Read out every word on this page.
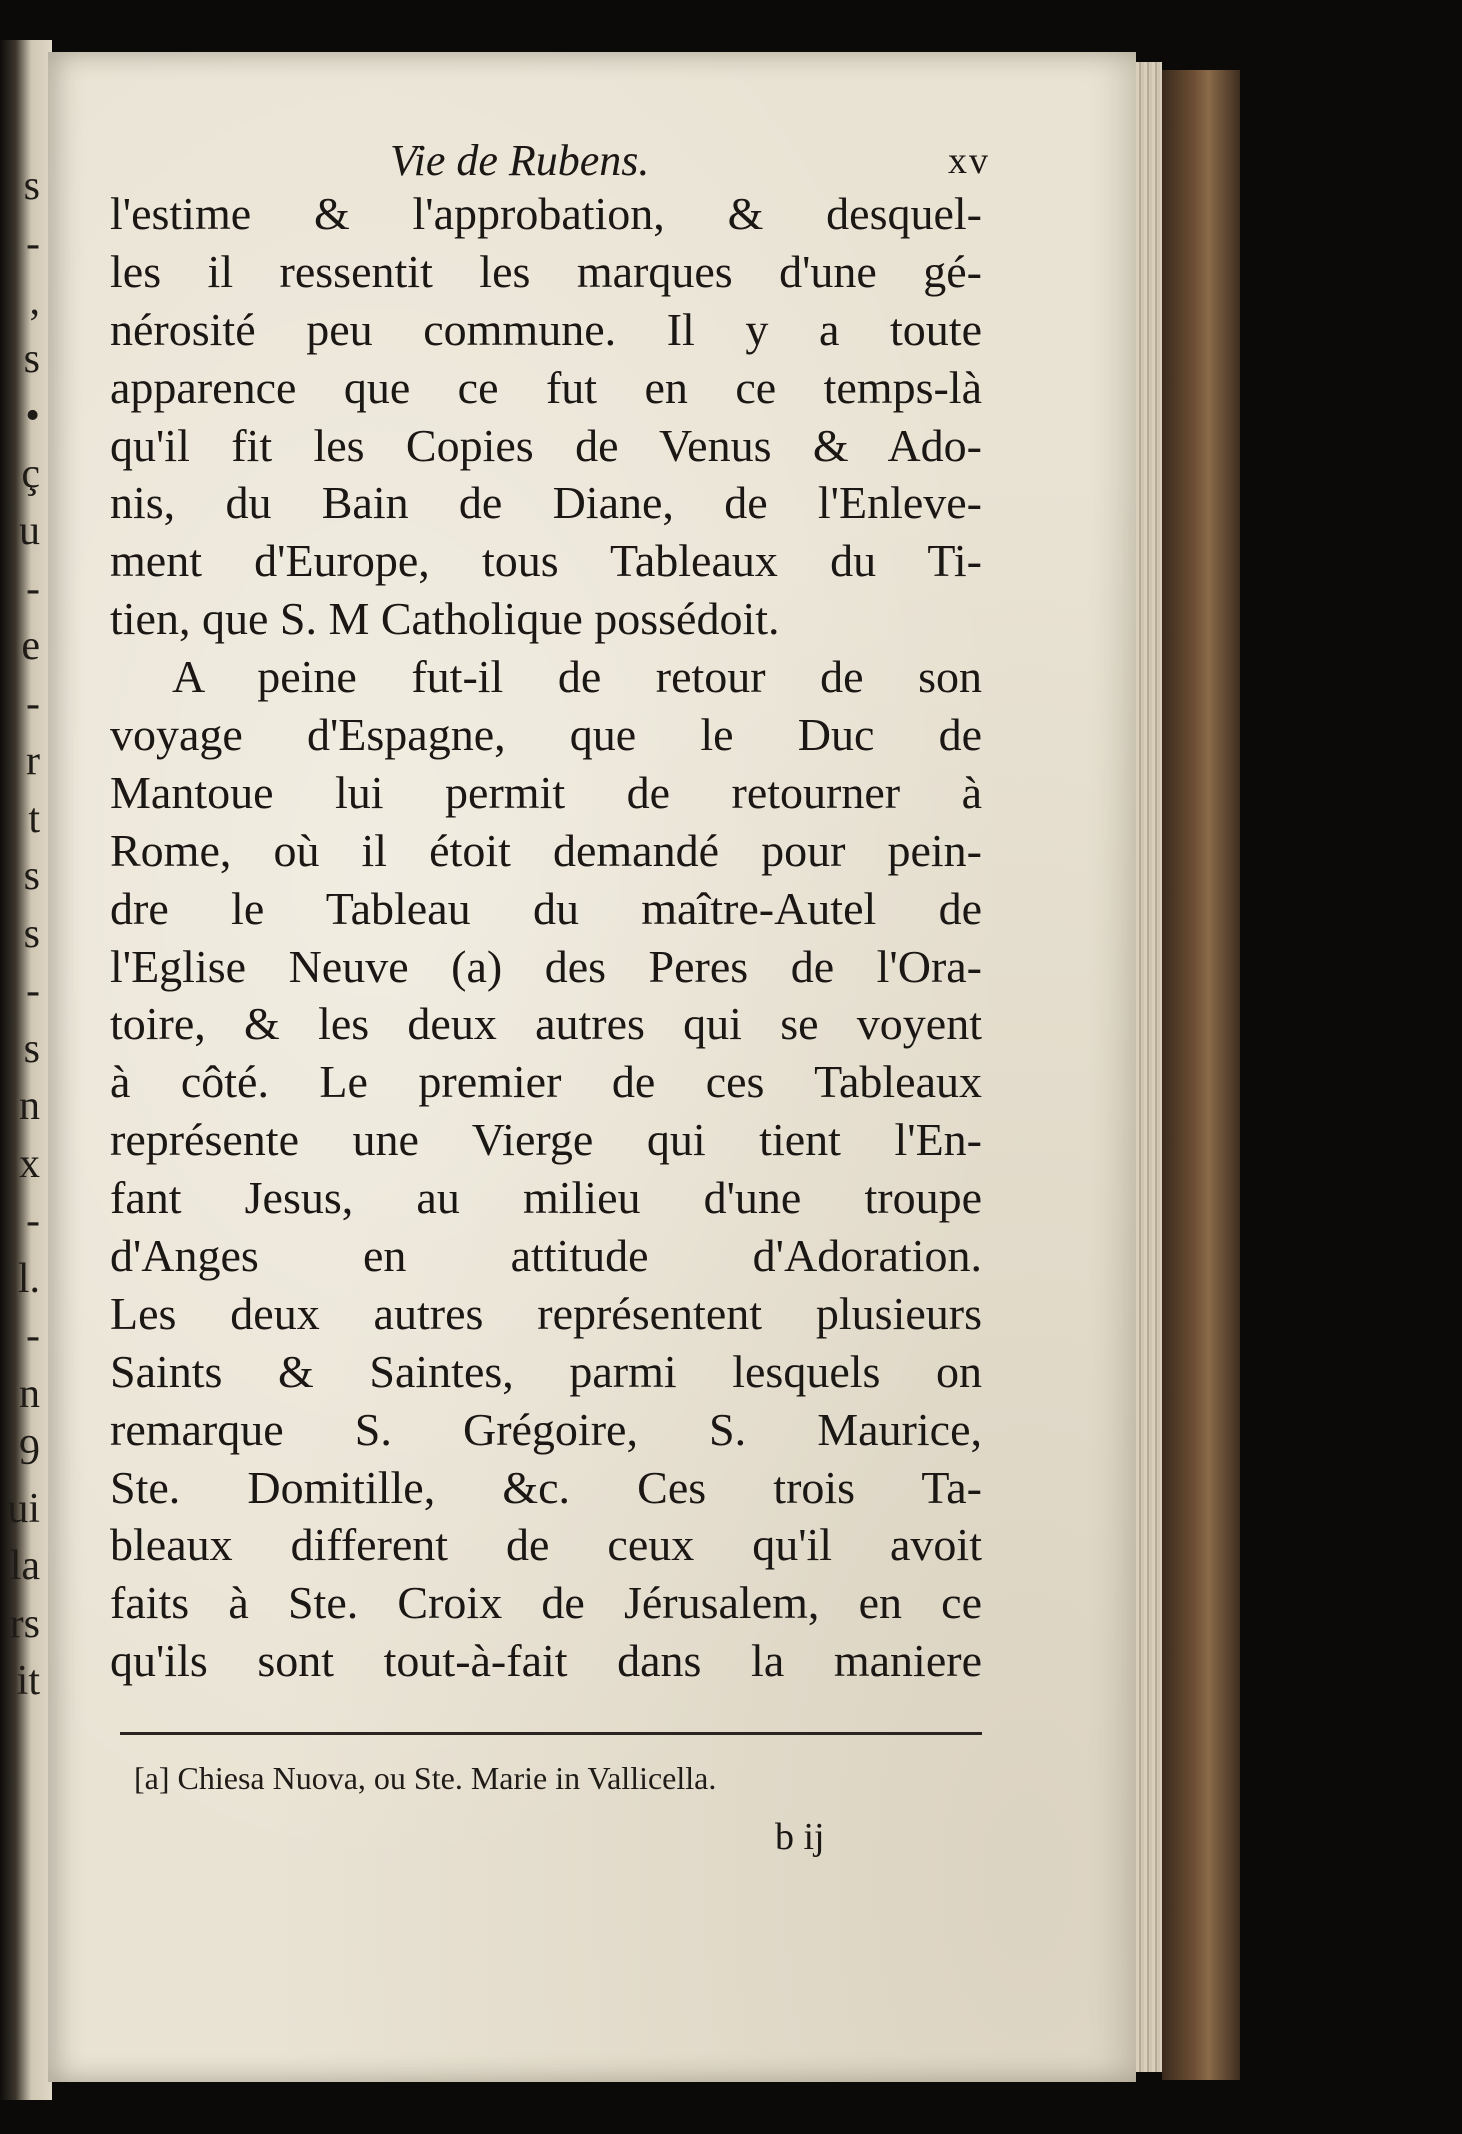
s
-
,
s
•
ç
u
-
e
-
r
t
s
s
-
s
n
x
-
l.
-
n
9
ui
la
rs
it
Vie de Rubens.	xv
l'estime & l'approbation, & desquel-
les il ressentit les marques d'une gé-
nérosité peu commune. Il y a toute
apparence que ce fut en ce temps-là
qu'il fit les Copies de Venus & Ado-
nis, du Bain de Diane, de l'Enleve-
ment d'Europe, tous Tableaux du Ti-
tien, que S. M Catholique possédoit.
A peine fut-il de retour de son
voyage d'Espagne, que le Duc de
Mantoue lui permit de retourner à
Rome, où il étoit demandé pour pein-
dre le Tableau du maître-Autel de
l'Eglise Neuve (a) des Peres de l'Ora-
toire, & les deux autres qui se voyent
à côté. Le premier de ces Tableaux
représente une Vierge qui tient l'En-
fant Jesus, au milieu d'une troupe
d'Anges en attitude d'Adoration.
Les deux autres représentent plusieurs
Saints & Saintes, parmi lesquels on
remarque S. Grégoire, S. Maurice,
Ste. Domitille, &c. Ces trois Ta-
bleaux different de ceux qu'il avoit
faits à Ste. Croix de Jérusalem, en ce
qu'ils sont tout-à-fait dans la maniere
[a] Chiesa Nuova, ou Ste. Marie in Vallicella.
b ij
